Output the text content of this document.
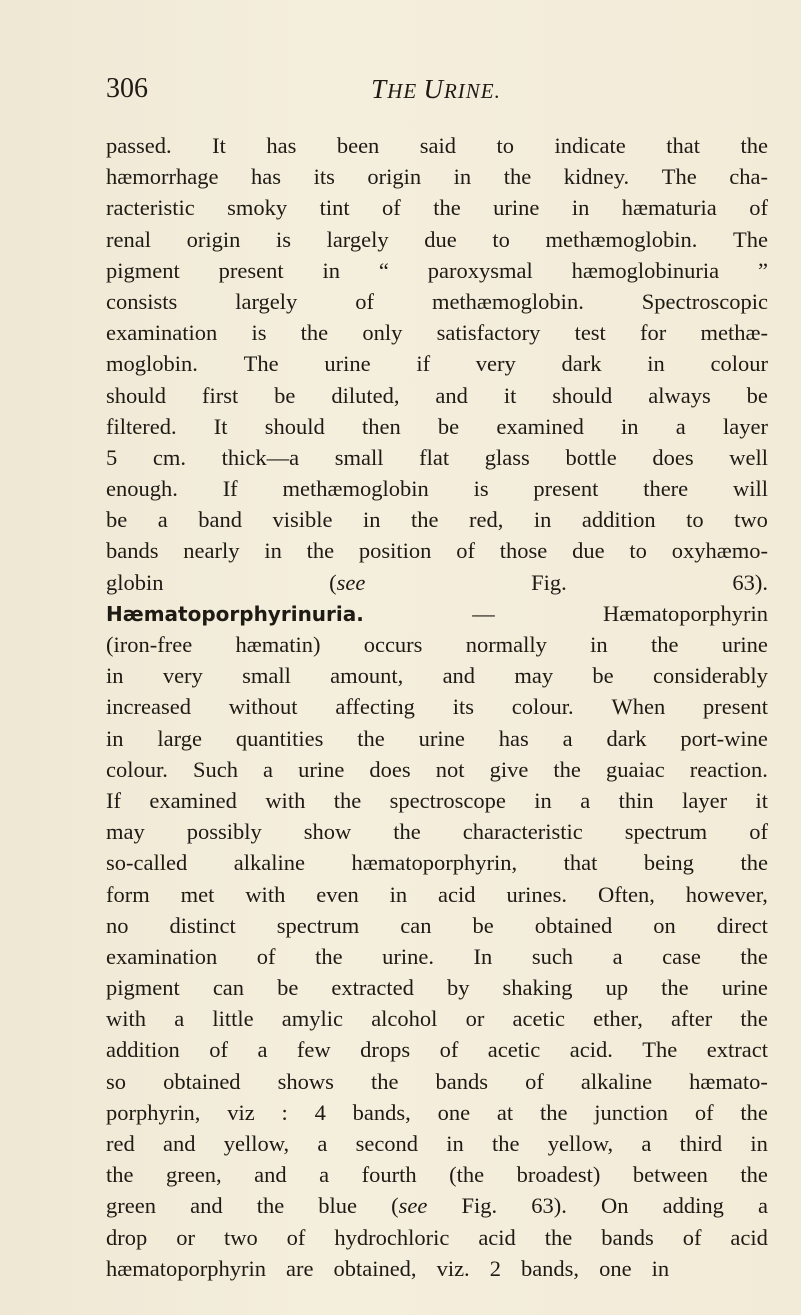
306	THE URINE.
passed. It has been said to indicate that the
hæmorrhage has its origin in the kidney. The cha-
racteristic smoky tint of the urine in hæmaturia of
renal origin is largely due to methæmoglobin. The
pigment present in “ paroxysmal hæmoglobinuria ”
consists	largely	of	methæmoglobin.	Spectroscopic
examination is the only satisfactory test for methæ-
moglobin. The urine if very dark in colour
should first be diluted, and it should always be
filtered. It should then be examined in a layer
5 cm. thick—a small flat glass bottle does well
enough. If methæmoglobin is present there will
be a band visible in the red, in addition to two
bands nearly in the position of those due to oxyhæmo-
globin	(see	Fig.	63).
Hæmatoporphyrinuria.	—	Hæmatoporphyrin
(iron-free hæmatin) occurs normally in the urine
in very small amount, and may be considerably
increased without affecting its colour. When present
in large quantities the urine has a dark port-wine
colour. Such a urine does not give the guaiac reaction.
If examined with the spectroscope in a thin layer it
may possibly show the characteristic spectrum of
so-called alkaline hæmatoporphyrin, that being the
form met with even in acid urines. Often, however,
no distinct spectrum can be obtained on direct
examination of the urine. In such a case the
pigment can be extracted by shaking up the urine
with a little amylic alcohol or acetic ether, after the
addition of a few drops of acetic acid. The extract
so obtained shows the bands of alkaline hæmato-
porphyrin, viz : 4 bands, one at the junction of the
red and yellow, a second in the yellow, a third in
the green, and a fourth (the broadest) between the
green and the blue (see Fig. 63). On adding a
drop or two of hydrochloric acid the bands of acid
hæmatoporphyrin are obtained, viz. 2 bands, one in
